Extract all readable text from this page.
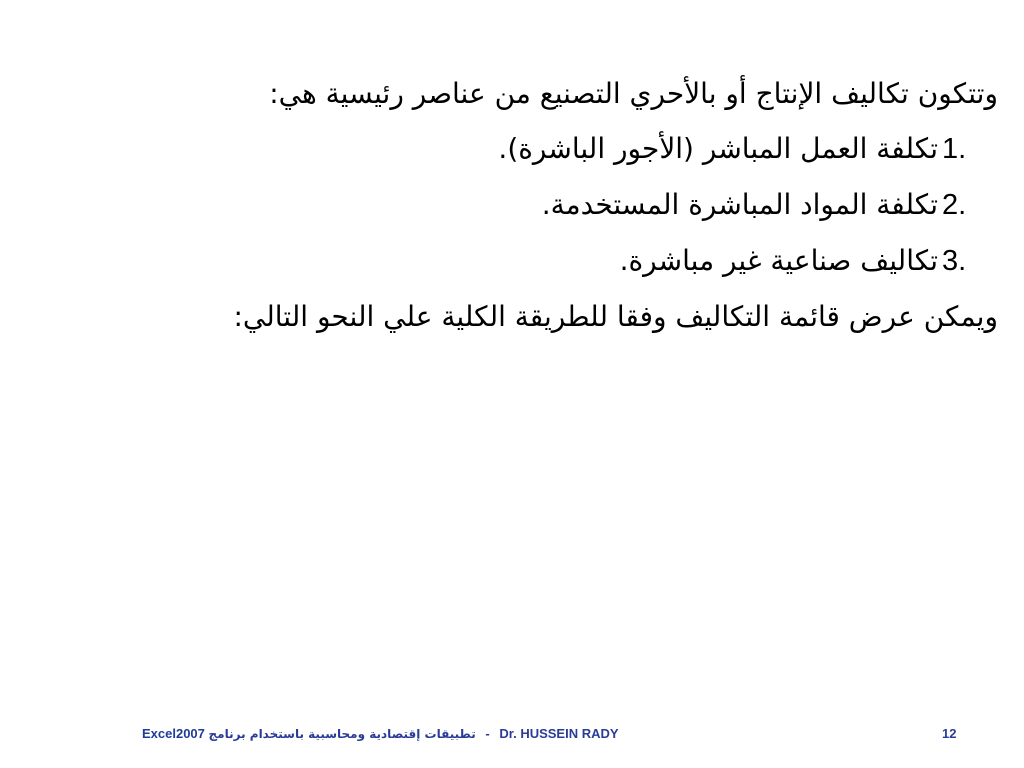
وتتكون تكاليف الإنتاج أو بالأحري التصنيع من عناصر رئيسية هي:

1.
تكلفة العمل المباشر (الأجور الباشرة).
2.
تكلفة المواد المباشرة المستخدمة.
3.
تكاليف صناعية غير مباشرة.

ويمكن عرض قائمة التكاليف وفقا للطريقة الكلية علي النحو التالي:

Excel2007 تطبيقات إقتصادية ومحاسبية باستخدام برنامج - Dr. HUSSEIN RADY	12
